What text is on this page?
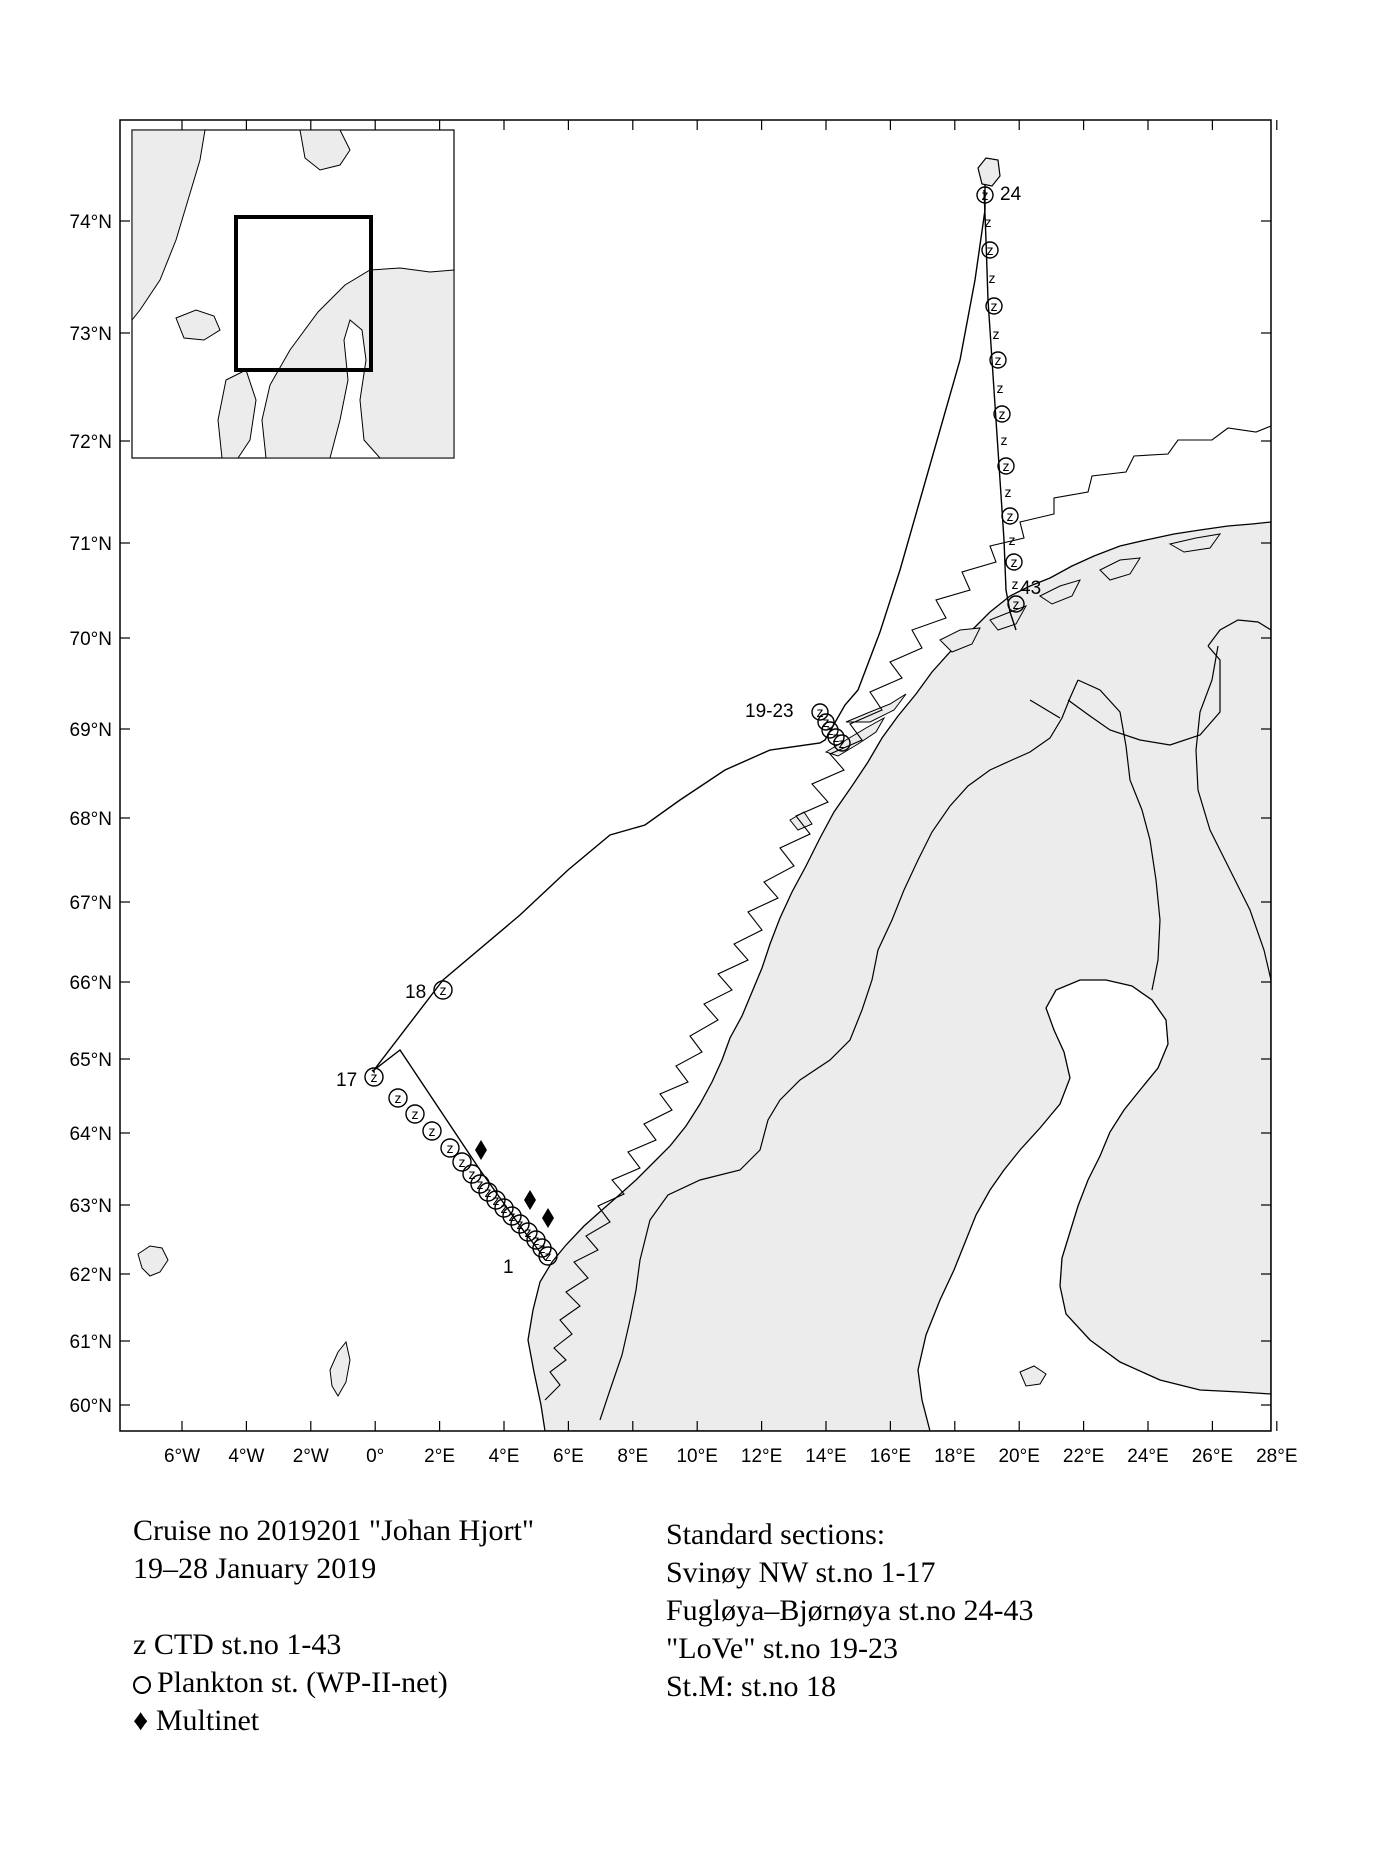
74°N
73°N
72°N
71°N
70°N
69°N
68°N
67°N
66°N
65°N
64°N
63°N
62°N
61°N
60°N
6°W 4°W 2°W 0° 2°E 4°E 6°E 8°E 10°E 12°E 14°E 16°E 18°E 20°E 22°E 24°E 26°E 28°E
z
z
z
z
z
z
z
z z z z z z z z z z
z
z
z
z z z
z
z
z
z
z
z
z
z
z
z
z
z
z
z
z
z
z
1
17
18
19-23
24
43
Cruise no 2019201 "Johan Hjort"
19–28 January 2019
z CTD st.no 1-43
Plankton st. (WP-II-net)
♦ Multinet
Standard sections:
Svinøy NW st.no 1-17
Fugløya–Bjørnøya st.no 24-43
"LoVe" st.no 19-23
St.M: st.no 18
